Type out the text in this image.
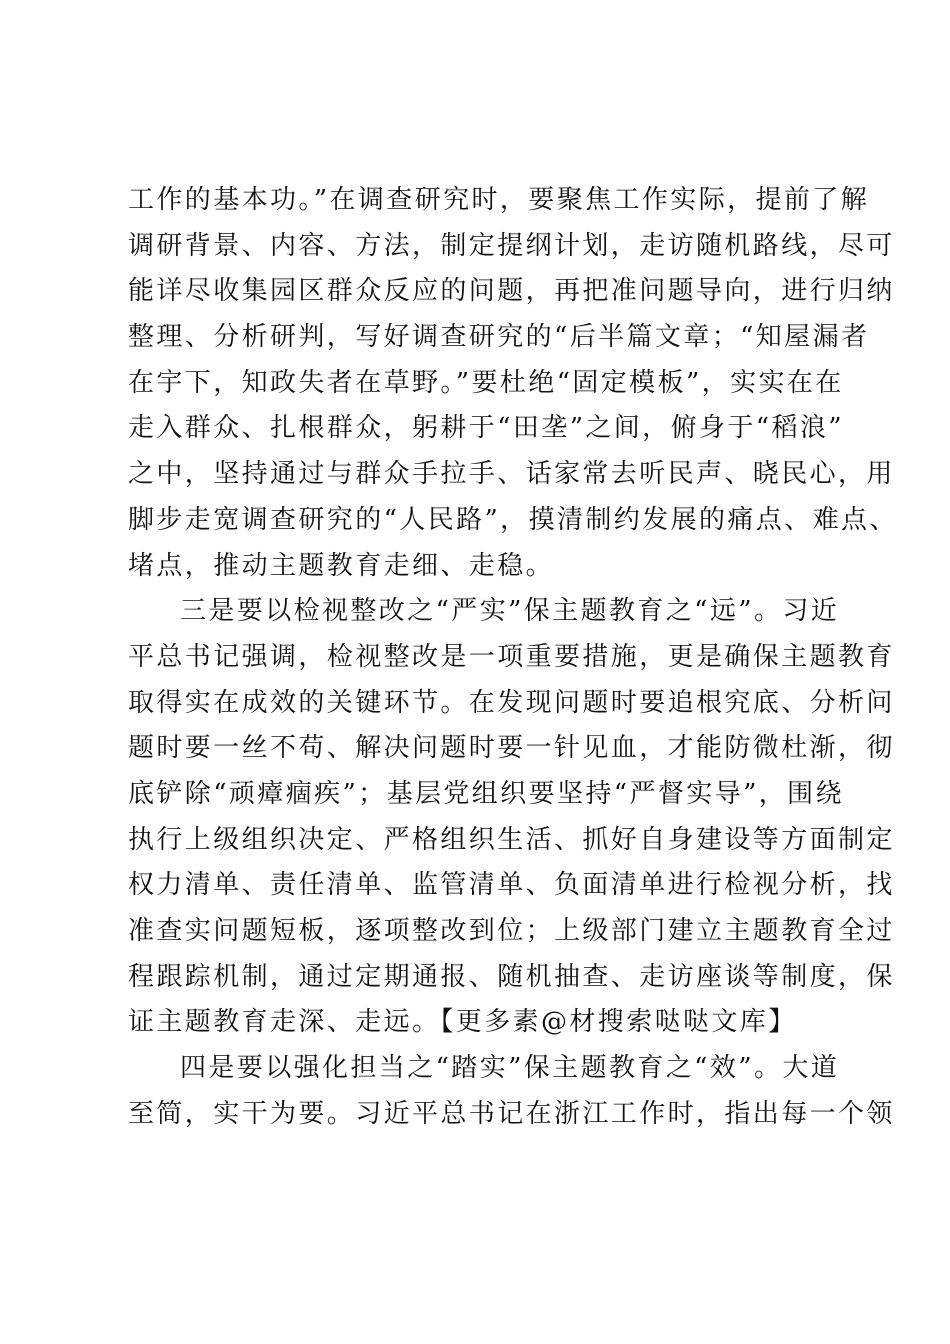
工作的基本功。”在调查研究时，要聚焦工作实际，提前了解
调研背景、内容、方法，制定提纲计划，走访随机路线，尽可
能详尽收集园区群众反应的问题，再把准问题导向，进行归纳
整理、分析研判，写好调查研究的“后半篇文章；“知屋漏者
在宇下，知政失者在草野。”要杜绝“固定模板”，实实在在
走入群众、扎根群众，躬耕于“田垄”之间，俯身于“稻浪”
之中，坚持通过与群众手拉手、话家常去听民声、晓民心，用
脚步走宽调查研究的“人民路”，摸清制约发展的痛点、难点、
堵点，推动主题教育走细、走稳。
三是要以检视整改之“严实”保主题教育之“远”。习近
平总书记强调，检视整改是一项重要措施，更是确保主题教育
取得实在成效的关键环节。在发现问题时要追根究底、分析问
题时要一丝不苟、解决问题时要一针见血，才能防微杜渐，彻
底铲除“顽瘴痼疾”；基层党组织要坚持“严督实导”，围绕
执行上级组织决定、严格组织生活、抓好自身建设等方面制定
权力清单、责任清单、监管清单、负面清单进行检视分析，找
准查实问题短板，逐项整改到位；上级部门建立主题教育全过
程跟踪机制，通过定期通报、随机抽查、走访座谈等制度，保
证主题教育走深、走远。【更多素@材搜索哒哒文库】
四是要以强化担当之“踏实”保主题教育之“效”。大道
至简，实干为要。习近平总书记在浙江工作时，指出每一个领
